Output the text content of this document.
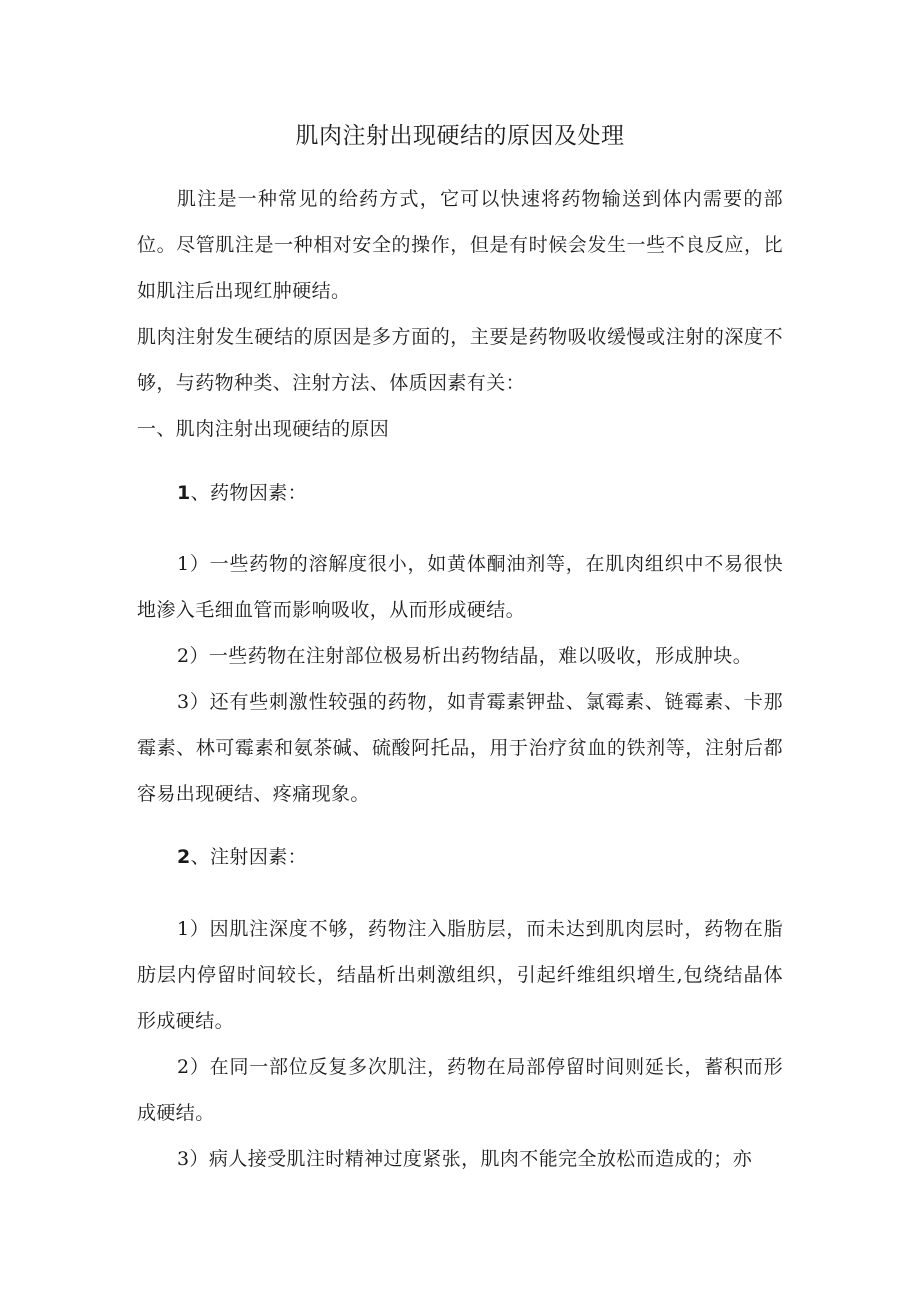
肌肉注射出现硬结的原因及处理

肌注是一种常见的给药方式，它可以快速将药物输送到体内需要的部位。尽管肌注是一种相对安全的操作，但是有时候会发生一些不良反应，比如肌注后出现红肿硬结。

肌肉注射发生硬结的原因是多方面的，主要是药物吸收缓慢或注射的深度不够，与药物种类、注射方法、体质因素有关：

一、肌肉注射出现硬结的原因

1、药物因素：

1）一些药物的溶解度很小，如黄体酮油剂等，在肌肉组织中不易很快地渗入毛细血管而影响吸收，从而形成硬结。

2）一些药物在注射部位极易析出药物结晶，难以吸收，形成肿块。

3）还有些刺激性较强的药物，如青霉素钾盐、氯霉素、链霉素、卡那霉素、林可霉素和氨茶碱、硫酸阿托品，用于治疗贫血的铁剂等，注射后都容易出现硬结、疼痛现象。

2、注射因素：

1）因肌注深度不够，药物注入脂肪层，而未达到肌肉层时，药物在脂肪层内停留时间较长，结晶析出刺激组织，引起纤维组织增生,包绕结晶体形成硬结。

2）在同一部位反复多次肌注，药物在局部停留时间则延长，蓄积而形成硬结。

3）病人接受肌注时精神过度紧张，肌肉不能完全放松而造成的；亦
